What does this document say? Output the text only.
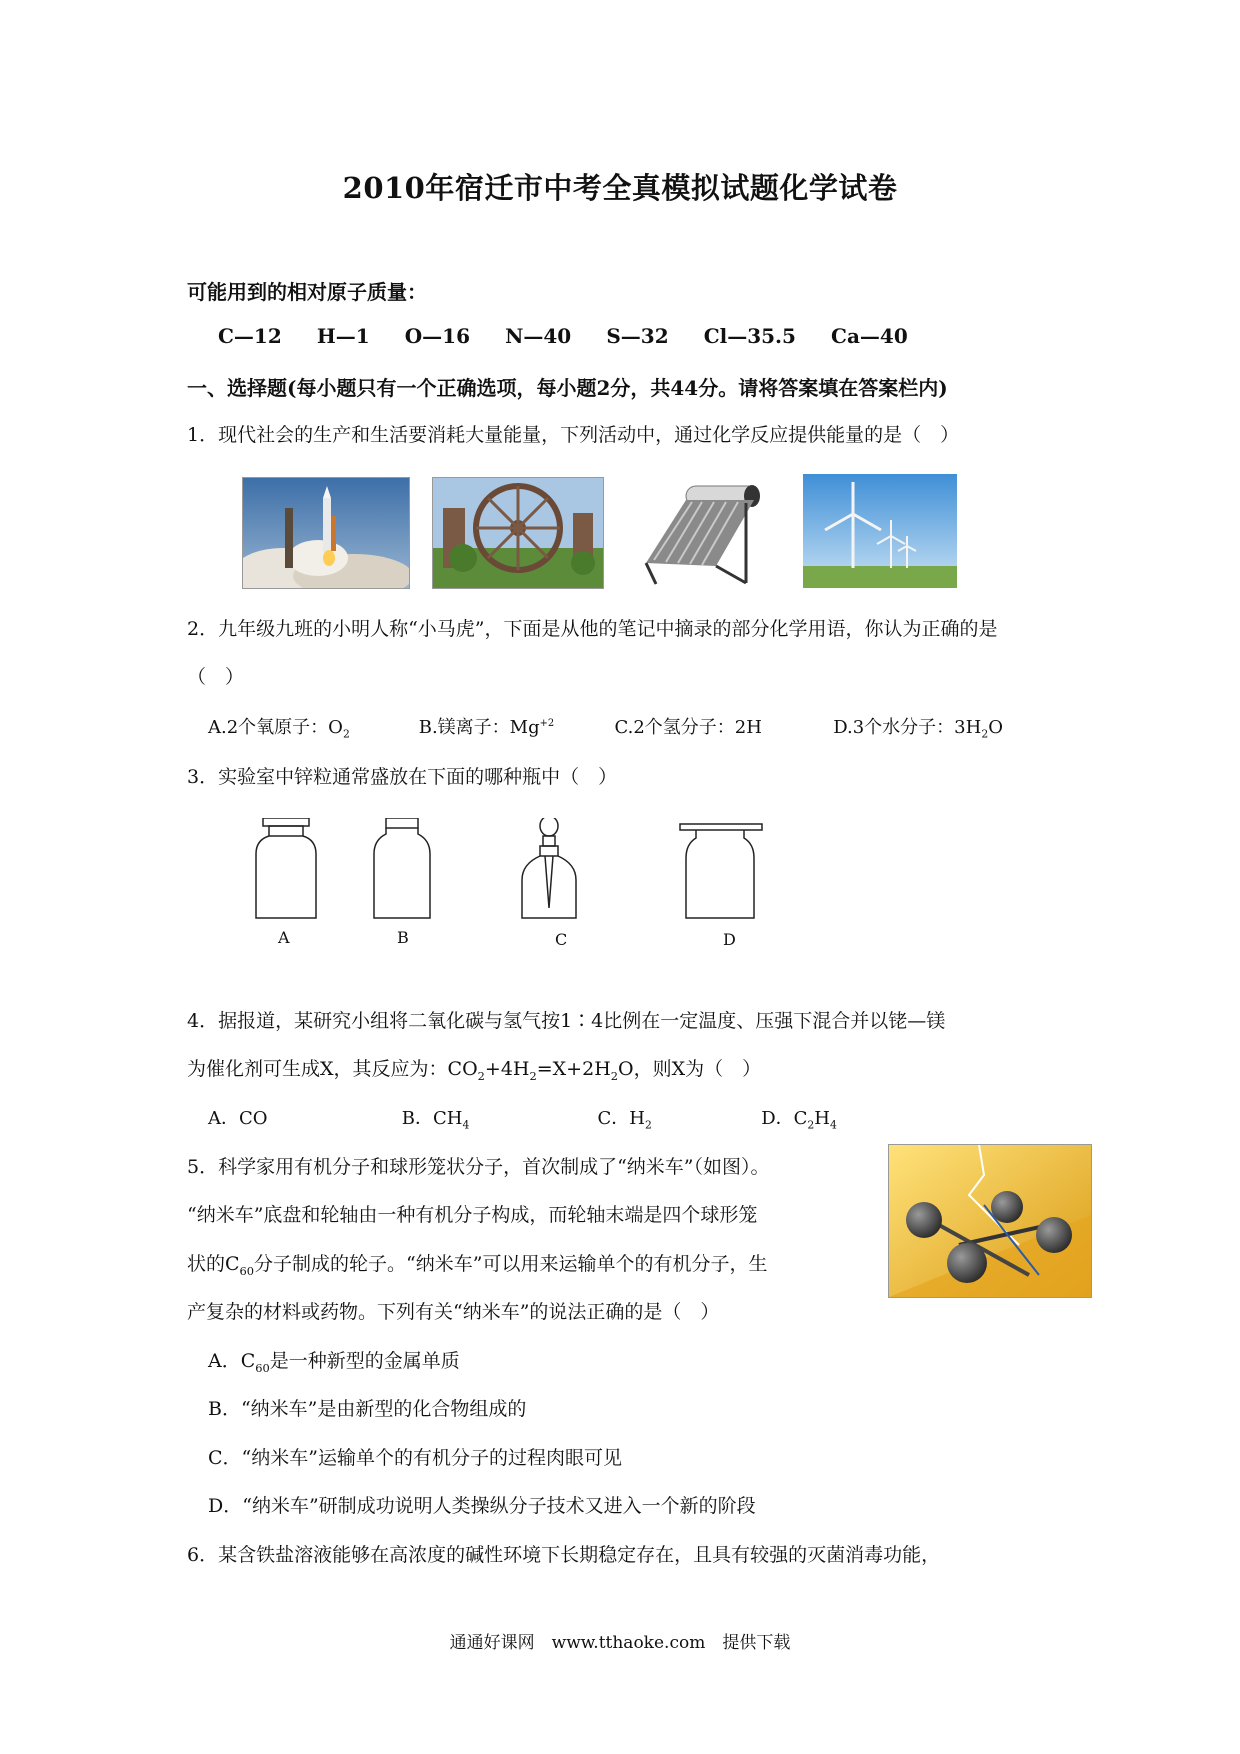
2010年宿迁市中考全真模拟试题化学试卷
可能用到的相对原子质量：
C—12 H—1 O—16 N—40 S—32 Cl—35.5 Ca—40
一、选择题(每小题只有一个正确选项，每小题2分，共44分。请将答案填在答案栏内)
1．现代社会的生产和生活要消耗大量能量，下列活动中，通过化学反应提供能量的是（　）
2．九年级九班的小明人称“小马虎”，下面是从他的笔记中摘录的部分化学用语，你认为正确的是
（　）
A.2个氧原子：$O_2$	B.镁离子：$Mg^{+2}$	C.2个氢分子：2H	D.3个水分子：$3H_2O$
3．实验室中锌粒通常盛放在下面的哪种瓶中（　）
A	B	C	D
4．据报道，某研究小组将二氧化碳与氢气按1∶4比例在一定温度、压强下混合并以铑—镁
为催化剂可生成X，其反应为：$CO_2+4H_2=X+2H_2O$，则X为（　）
A．CO	B．$CH_4$	C．$H_2$	D．$C_2H_4$
5．科学家用有机分子和球形笼状分子，首次制成了“纳米车”（如图）。
“纳米车”底盘和轮轴由一种有机分子构成，而轮轴末端是四个球形笼
状的$C_{60}$分子制成的轮子。“纳米车”可以用来运输单个的有机分子，生
产复杂的材料或药物。下列有关“纳米车”的说法正确的是（　）
A．$C_{60}$是一种新型的金属单质
B．“纳米车”是由新型的化合物组成的
C．“纳米车”运输单个的有机分子的过程肉眼可见
D．“纳米车”研制成功说明人类操纵分子技术又进入一个新的阶段
6．某含铁盐溶液能够在高浓度的碱性环境下长期稳定存在，且具有较强的灭菌消毒功能，
通通好课网　www.tthaoke.com　提供下载
